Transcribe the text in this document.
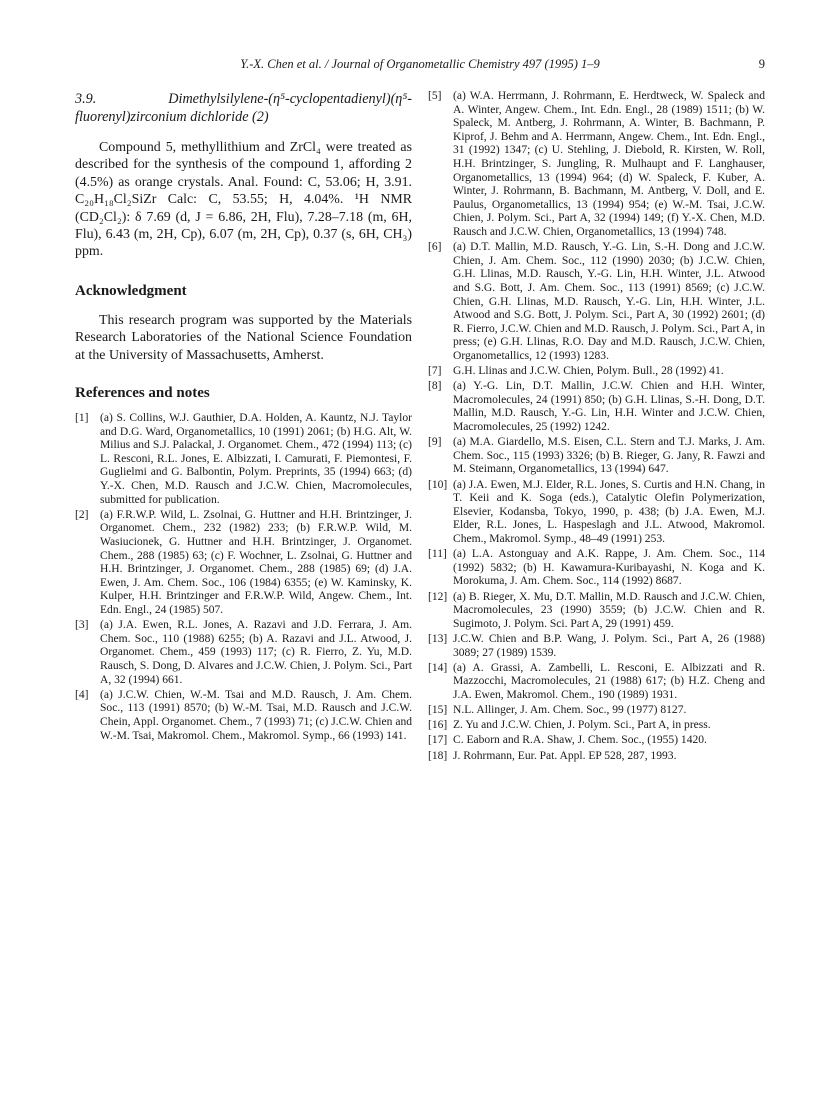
Y.-X. Chen et al. / Journal of Organometallic Chemistry 497 (1995) 1–9	9

3.9. Dimethylsilylene-(η⁵-cyclopentadienyl)(η⁵-fluorenyl)zirconium dichloride (2)

Compound 5, methyllithium and ZrCl₄ were treated as described for the synthesis of the compound 1, affording 2 (4.5%) as orange crystals. Anal. Found: C, 53.06; H, 3.91. C₂₀H₁₈Cl₂SiZr Calc: C, 53.55; H, 4.04%. ¹H NMR (CD₂Cl₂): δ 7.69 (d, J = 6.86, 2H, Flu), 7.28–7.18 (m, 6H, Flu), 6.43 (m, 2H, Cp), 6.07 (m, 2H, Cp), 0.37 (s, 6H, CH₃) ppm.

Acknowledgment

This research program was supported by the Materials Research Laboratories of the National Science Foundation at the University of Massachusetts, Amherst.

References and notes

[1] (a) S. Collins, W.J. Gauthier, D.A. Holden, A. Kauntz, N.J. Taylor and D.G. Ward, Organometallics, 10 (1991) 2061; (b) H.G. Alt, W. Milius and S.J. Palackal, J. Organomet. Chem., 472 (1994) 113; (c) L. Resconi, R.L. Jones, E. Albizzati, I. Camurati, F. Piemontesi, F. Guglielmi and G. Balbontin, Polym. Preprints, 35 (1994) 663; (d) Y.-X. Chen, M.D. Rausch and J.C.W. Chien, Macromolecules, submitted for publication.

[2] (a) F.R.W.P. Wild, L. Zsolnai, G. Huttner and H.H. Brintzinger, J. Organomet. Chem., 232 (1982) 233; (b) F.R.W.P. Wild, M. Wasiucionek, G. Huttner and H.H. Brintzinger, J. Organomet. Chem., 288 (1985) 63; (c) F. Wochner, L. Zsolnai, G. Huttner and H.H. Brintzinger, J. Organomet. Chem., 288 (1985) 69; (d) J.A. Ewen, J. Am. Chem. Soc., 106 (1984) 6355; (e) W. Kaminsky, K. Kulper, H.H. Brintzinger and F.R.W.P. Wild, Angew. Chem., Int. Edn. Engl., 24 (1985) 507.

[3] (a) J.A. Ewen, R.L. Jones, A. Razavi and J.D. Ferrara, J. Am. Chem. Soc., 110 (1988) 6255; (b) A. Razavi and J.L. Atwood, J. Organomet. Chem., 459 (1993) 117; (c) R. Fierro, Z. Yu, M.D. Rausch, S. Dong, D. Alvares and J.C.W. Chien, J. Polym. Sci., Part A, 32 (1994) 661.

[4] (a) J.C.W. Chien, W.-M. Tsai and M.D. Rausch, J. Am. Chem. Soc., 113 (1991) 8570; (b) W.-M. Tsai, M.D. Rausch and J.C.W. Chein, Appl. Organomet. Chem., 7 (1993) 71; (c) J.C.W. Chien and W.-M. Tsai, Makromol. Chem., Makromol. Symp., 66 (1993) 141.

[5] (a) W.A. Herrmann, J. Rohrmann, E. Herdtweck, W. Spaleck and A. Winter, Angew. Chem., Int. Edn. Engl., 28 (1989) 1511; (b) W. Spaleck, M. Antberg, J. Rohrmann, A. Winter, B. Bachmann, P. Kiprof, J. Behm and A. Herrmann, Angew. Chem., Int. Edn. Engl., 31 (1992) 1347; (c) U. Stehling, J. Diebold, R. Kirsten, W. Roll, H.H. Brintzinger, S. Jungling, R. Mulhaupt and F. Langhauser, Organometallics, 13 (1994) 964; (d) W. Spaleck, F. Kuber, A. Winter, J. Rohrmann, B. Bachmann, M. Antberg, V. Doll, and E. Paulus, Organometallics, 13 (1994) 954; (e) W.-M. Tsai, J.C.W. Chien, J. Polym. Sci., Part A, 32 (1994) 149; (f) Y.-X. Chen, M.D. Rausch and J.C.W. Chien, Organometallics, 13 (1994) 748.

[6] (a) D.T. Mallin, M.D. Rausch, Y.-G. Lin, S.-H. Dong and J.C.W. Chien, J. Am. Chem. Soc., 112 (1990) 2030; (b) J.C.W. Chien, G.H. Llinas, M.D. Rausch, Y.-G. Lin, H.H. Winter, J.L. Atwood and S.G. Bott, J. Am. Chem. Soc., 113 (1991) 8569; (c) J.C.W. Chien, G.H. Llinas, M.D. Rausch, Y.-G. Lin, H.H. Winter, J.L. Atwood and S.G. Bott, J. Polym. Sci., Part A, 30 (1992) 2601; (d) R. Fierro, J.C.W. Chien and M.D. Rausch, J. Polym. Sci., Part A, in press; (e) G.H. Llinas, R.O. Day and M.D. Rausch, J.C.W. Chien, Organometallics, 12 (1993) 1283.

[7] G.H. Llinas and J.C.W. Chien, Polym. Bull., 28 (1992) 41.

[8] (a) Y.-G. Lin, D.T. Mallin, J.C.W. Chien and H.H. Winter, Macromolecules, 24 (1991) 850; (b) G.H. Llinas, S.-H. Dong, D.T. Mallin, M.D. Rausch, Y.-G. Lin, H.H. Winter and J.C.W. Chien, Macromolecules, 25 (1992) 1242.

[9] (a) M.A. Giardello, M.S. Eisen, C.L. Stern and T.J. Marks, J. Am. Chem. Soc., 115 (1993) 3326; (b) B. Rieger, G. Jany, R. Fawzi and M. Steimann, Organometallics, 13 (1994) 647.

[10] (a) J.A. Ewen, M.J. Elder, R.L. Jones, S. Curtis and H.N. Chang, in T. Keii and K. Soga (eds.), Catalytic Olefin Polymerization, Elsevier, Kodansba, Tokyo, 1990, p. 438; (b) J.A. Ewen, M.J. Elder, R.L. Jones, L. Haspeslagh and J.L. Atwood, Makromol. Chem., Makromol. Symp., 48–49 (1991) 253.

[11] (a) L.A. Astonguay and A.K. Rappe, J. Am. Chem. Soc., 114 (1992) 5832; (b) H. Kawamura-Kuribayashi, N. Koga and K. Morokuma, J. Am. Chem. Soc., 114 (1992) 8687.

[12] (a) B. Rieger, X. Mu, D.T. Mallin, M.D. Rausch and J.C.W. Chien, Macromolecules, 23 (1990) 3559; (b) J.C.W. Chien and R. Sugimoto, J. Polym. Sci. Part A, 29 (1991) 459.

[13] J.C.W. Chien and B.P. Wang, J. Polym. Sci., Part A, 26 (1988) 3089; 27 (1989) 1539.

[14] (a) A. Grassi, A. Zambelli, L. Resconi, E. Albizzati and R. Mazzocchi, Macromolecules, 21 (1988) 617; (b) H.Z. Cheng and J.A. Ewen, Makromol. Chem., 190 (1989) 1931.

[15] N.L. Allinger, J. Am. Chem. Soc., 99 (1977) 8127.

[16] Z. Yu and J.C.W. Chien, J. Polym. Sci., Part A, in press.

[17] C. Eaborn and R.A. Shaw, J. Chem. Soc., (1955) 1420.

[18] J. Rohrmann, Eur. Pat. Appl. EP 528, 287, 1993.
